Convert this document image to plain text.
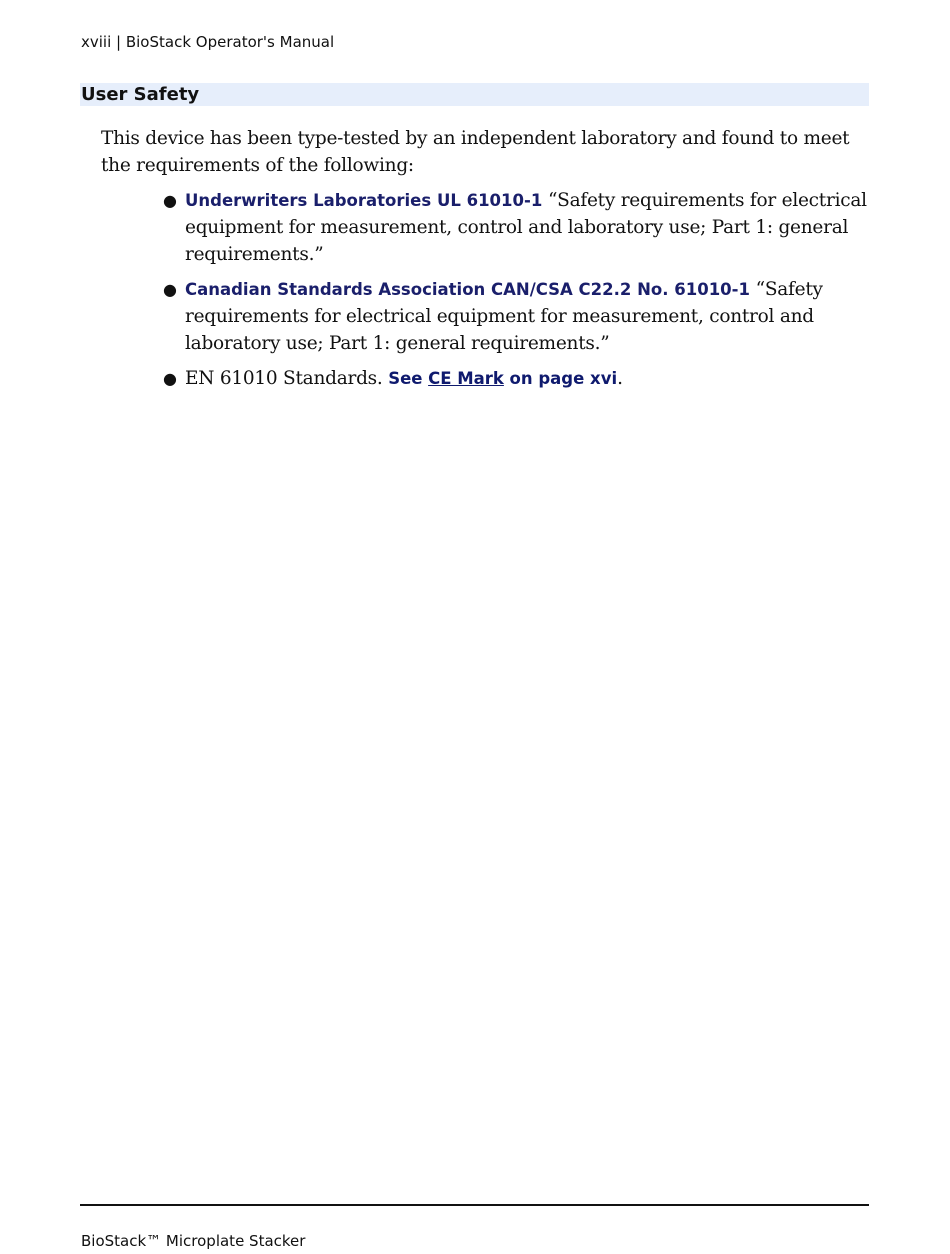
xviii | BioStack Operator's Manual
User Safety

This device has been type-tested by an independent laboratory and found to meet the requirements of the following:

● Underwriters Laboratories UL 61010-1 “Safety requirements for electrical equipment for measurement, control and laboratory use; Part 1: general requirements.”
● Canadian Standards Association CAN/CSA C22.2 No. 61010-1 “Safety requirements for electrical equipment for measurement, control and laboratory use; Part 1: general requirements.”
● EN 61010 Standards. See CE Mark on page xvi.
BioStack™ Microplate Stacker
